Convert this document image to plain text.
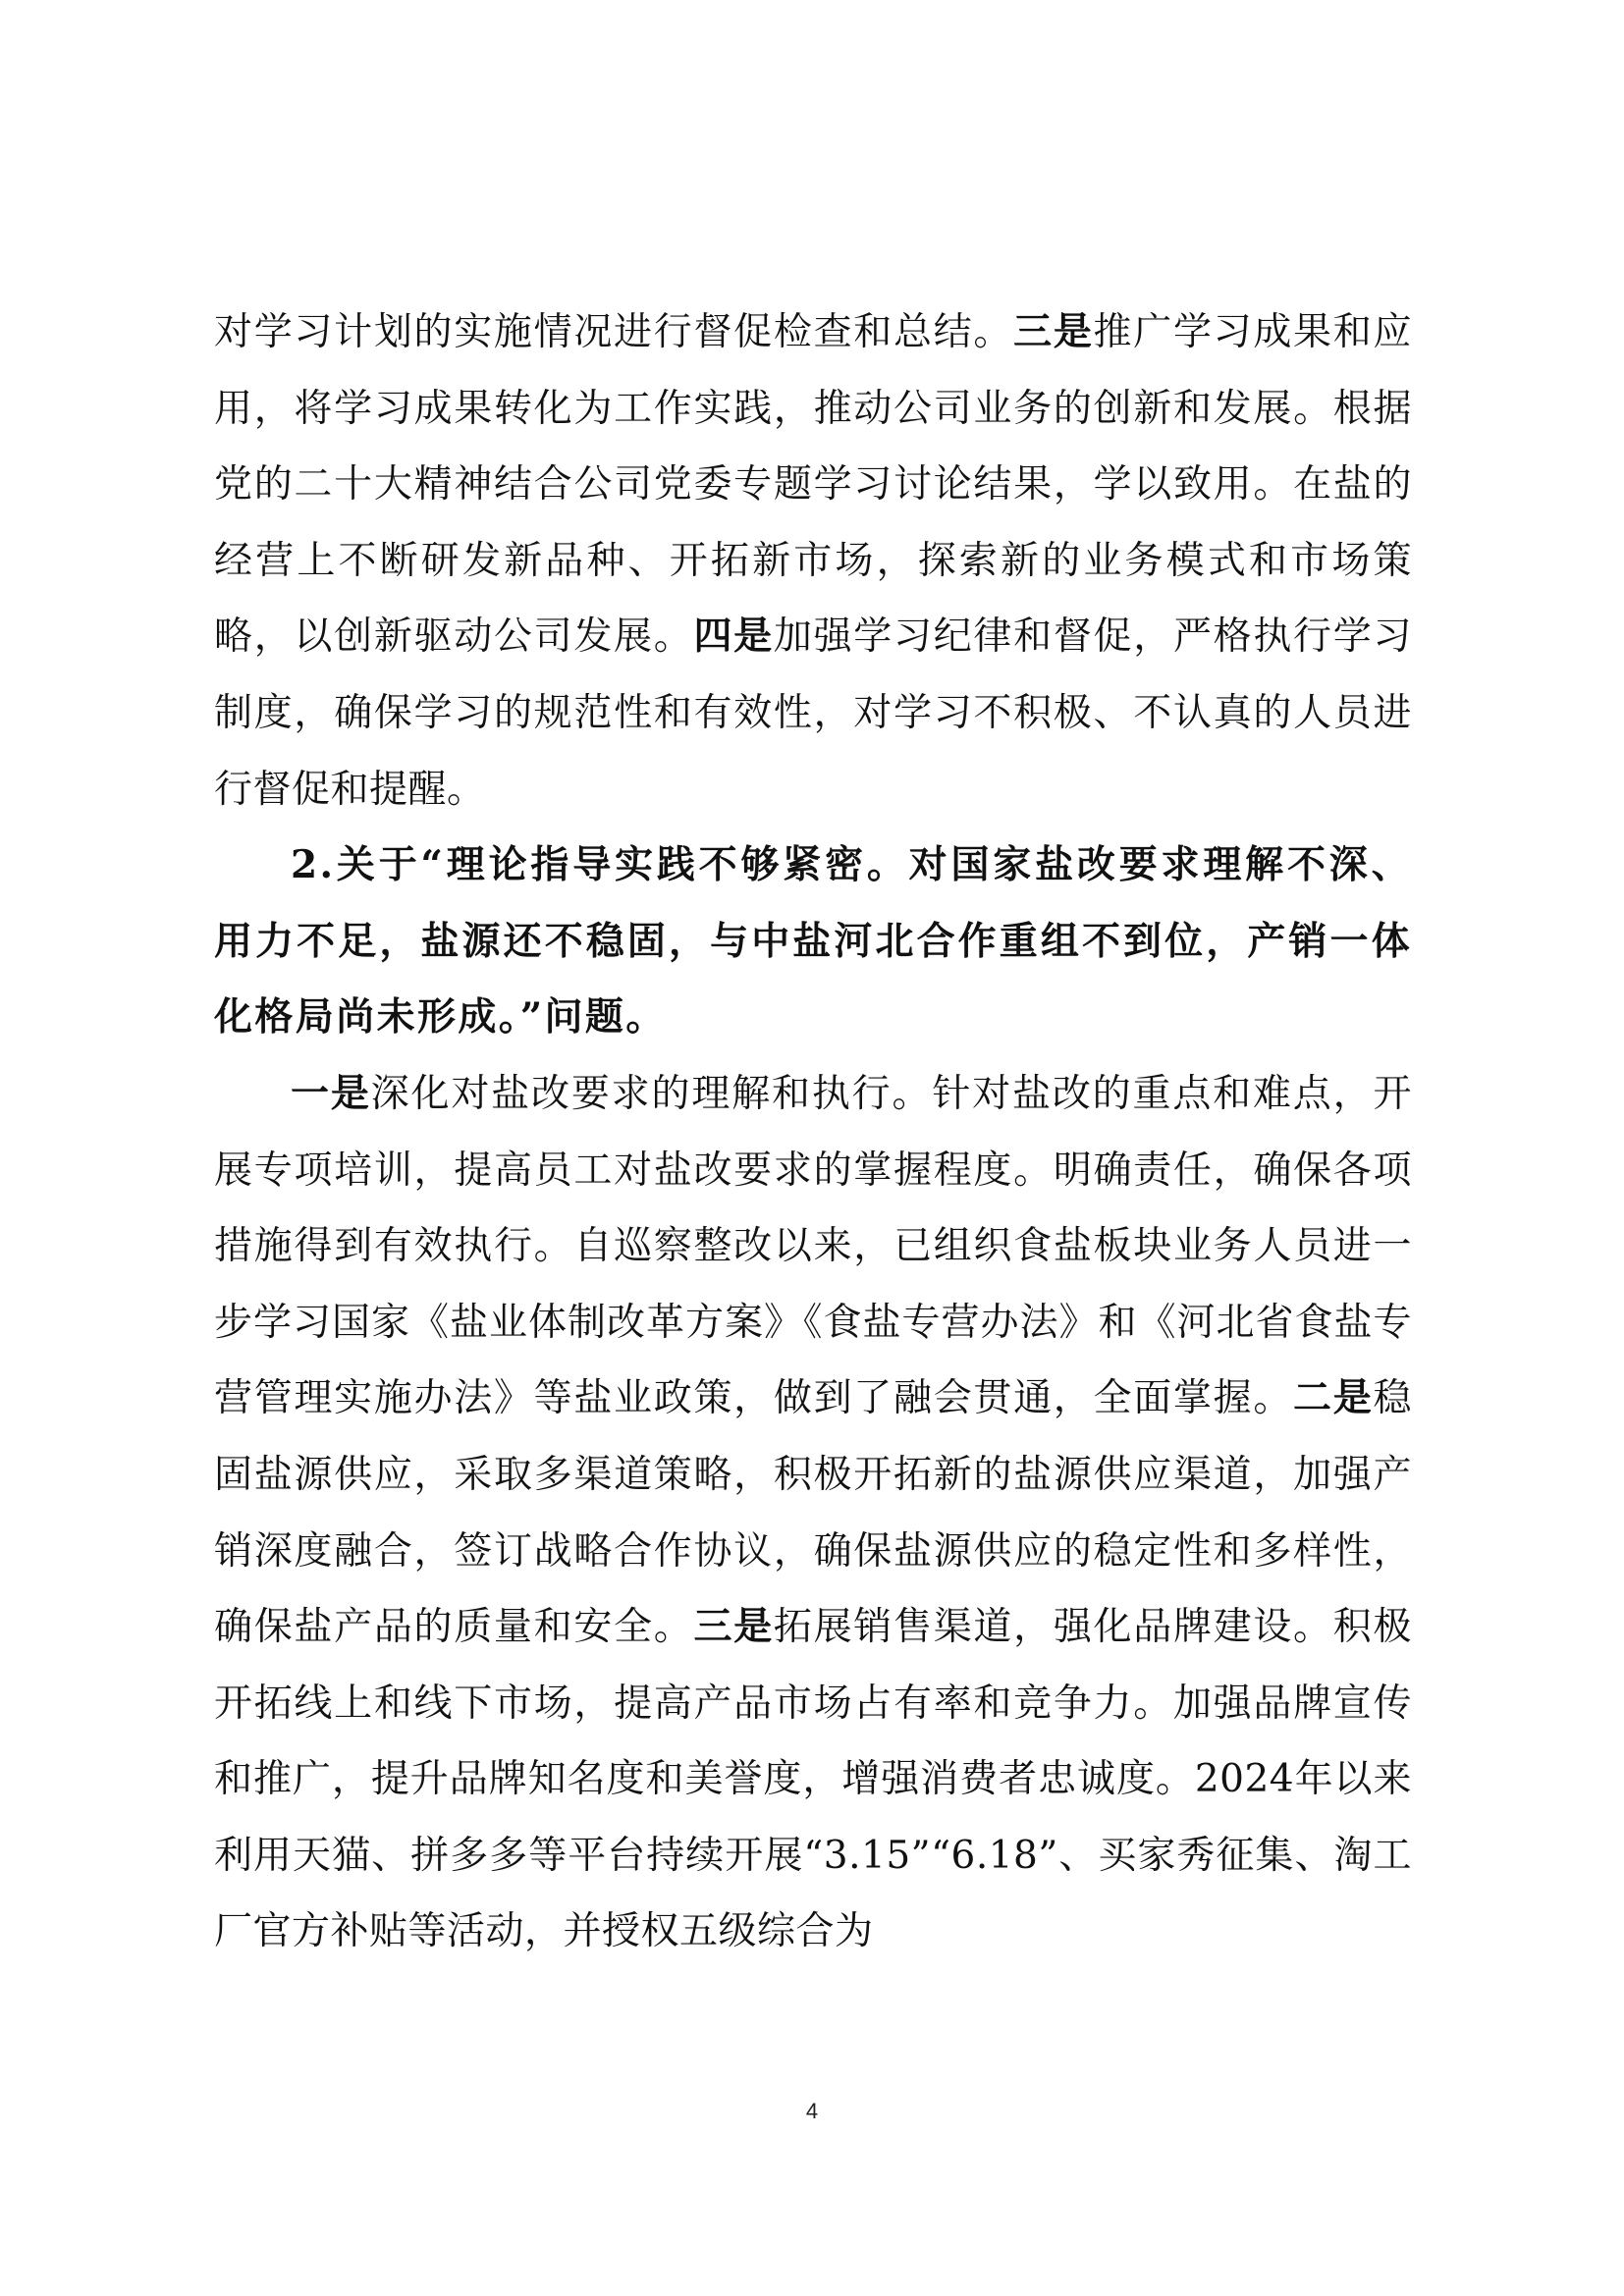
对学习计划的实施情况进行督促检查和总结。三是推广学习成果和应用，将学习成果转化为工作实践，推动公司业务的创新和发展。根据党的二十大精神结合公司党委专题学习讨论结果，学以致用。在盐的经营上不断研发新品种、开拓新市场，探索新的业务模式和市场策略，以创新驱动公司发展。四是加强学习纪律和督促，严格执行学习制度，确保学习的规范性和有效性，对学习不积极、不认真的人员进行督促和提醒。

2.关于“理论指导实践不够紧密。对国家盐改要求理解不深、用力不足，盐源还不稳固，与中盐河北合作重组不到位，产销一体化格局尚未形成。”问题。

一是深化对盐改要求的理解和执行。针对盐改的重点和难点，开展专项培训，提高员工对盐改要求的掌握程度。明确责任，确保各项措施得到有效执行。自巡察整改以来，已组织食盐板块业务人员进一步学习国家《盐业体制改革方案》《食盐专营办法》和《河北省食盐专营管理实施办法》等盐业政策，做到了融会贯通，全面掌握。二是稳固盐源供应，采取多渠道策略，积极开拓新的盐源供应渠道，加强产销深度融合，签订战略合作协议，确保盐源供应的稳定性和多样性，确保盐产品的质量和安全。三是拓展销售渠道，强化品牌建设。积极开拓线上和线下市场，提高产品市场占有率和竞争力。加强品牌宣传和推广，提升品牌知名度和美誉度，增强消费者忠诚度。2024年以来利用天猫、拼多多等平台持续开展“3.15”“6.18”、买家秀征集、淘工厂官方补贴等活动，并授权五级综合为

4
